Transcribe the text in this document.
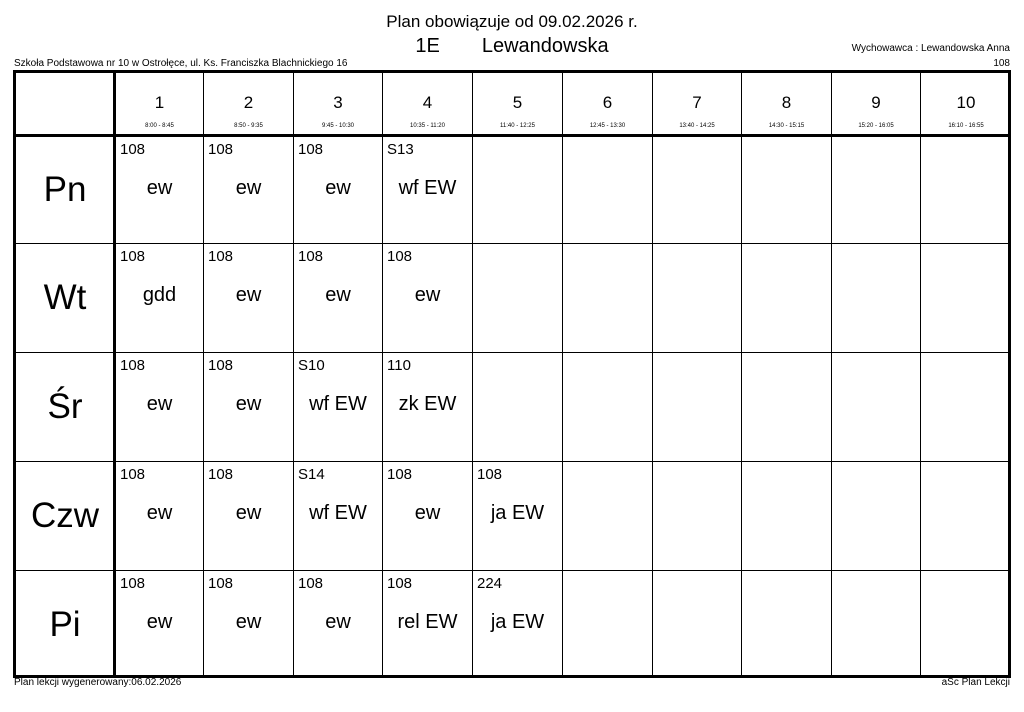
Plan obowiązuje od 09.02.2026 r.
1E Lewandowska
Szkoła Podstawowa nr 10 w Ostrołęce, ul. Ks. Franciszka Blachnickiego 16
Wychowawca : Lewandowska Anna
108
1
8:00 - 8:45
2
8:50 - 9:35
3
9:45 - 10:30
4
10:35 - 11:20
5
11:40 - 12:25
6
12:45 - 13:30
7
13:40 - 14:25
8
14:30 - 15:15
9
15:20 - 16:05
10
16:10 - 16:55
Pn
108
ew
108
ew
108
ew
S13
wf EW
Wt
108
gdd
108
ew
108
ew
108
ew
Śr
108
ew
108
ew
S10
wf EW
110
zk EW
Czw
108
ew
108
ew
S14
wf EW
108
ew
108
ja EW
Pi
108
ew
108
ew
108
ew
108
rel EW
224
ja EW
Plan lekcji wygenerowany:06.02.2026	aSc Plan Lekcji
